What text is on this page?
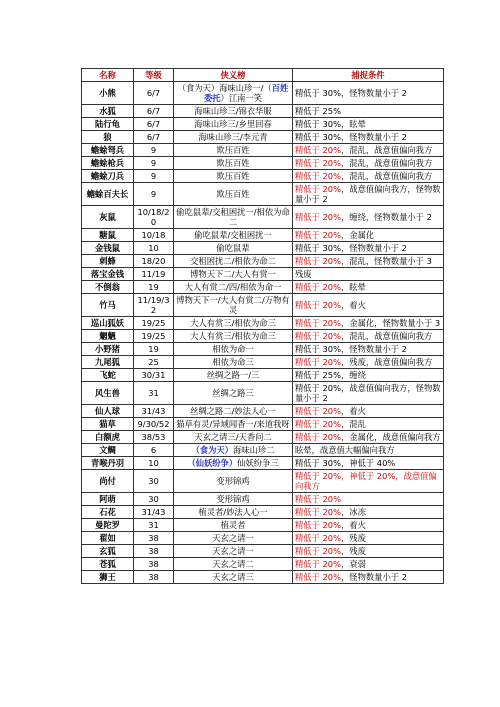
名称	等级	侠义榜	捕捉条件
小熊	6/7	（食为天）海味山珍一/（百姓委托）江南一笑	精低于 30%，怪物数量小于 2
水狐	6/7	海味山珍三/锦衣华服	精低于 25%
陆行龟	6/7	海味山珍三/乡里回春	精低于 30%，眩晕
狼	6/7	海味山珍三/李元青	精低于 30%，怪物数量小于 2
蟾蜍弩兵	9	欺压百姓	精低于 20%，混乱，战意值偏向我方
蟾蜍枪兵	9	欺压百姓	精低于 20%，混乱，战意值偏向我方
蟾蜍刀兵	9	欺压百姓	精低于 20%，混乱，战意值偏向我方
蟾蜍百夫长	9	欺压百姓	精低于 20%，战意值偏向我方，怪物数量小于 2
灰鼠	10/18/20	偷吃鼠辈/交租困扰一/相依为命二	精低于 20%，缠绕，怪物数量小于 2
糖鼠	10/18	偷吃鼠辈/交租困扰一	精低于 20%，金属化
金钱鼠	10	偷吃鼠辈	精低于 30%，怪物数量小于 2
刺蜂	18/20	交租困扰二/相依为命二	精低于 20%，混乱，怪物数量小于 3
落宝金钱	11/19	博物天下二/大人有赏一	残废
不倒翁	19	大人有赏二/四/相依为命一	精低于 20%，眩晕
竹马	11/19/32	博物天下一/大人有赏二/万物有灵	精低于 20%，着火
巡山狐妖	19/25	大人有赏三/相依为命三	精低于 20%，金属化，怪物数量小于 3
魍魉	19/25	大人有赏三/相依为命三	精低于 20%，混乱，战意值偏向我方
小野猪	19	相依为命一	精低于 30%，怪物数量小于 2
九尾狐	25	相依为命三	精低于 20%，残废，战意值偏向我方
飞蛇	30/31	丝绸之路一/三	精低于 25%，缠绕
风生兽	31	丝绸之路三	精低于 20%，战意值偏向我方，怪物数量小于 2
仙人球	31/43	丝绸之路二/妙法人心一	精低于 20%，着火
猫草	9/30/52	猫草有灵/异域闻香一/来道我呀	精低于 20%，混乱
白额虎	38/53	天玄之请三/天香问二	精低于 20%，金属化，战意值偏向我方
文鲷	6	（食为天）海味山珍二	眩晕，战意值大幅偏向我方
青喉丹羽	10	（仙妖纷争）仙妖纷争三	精低于 30%，神低于 40%
尚付	30	变形锦鸡	精低于 20%，神低于 20%，战意值偏向我方
阿萌	30	变形锦鸡	精低于 20%
石花	31/43	植灵者/妙法人心一	精低于 20%，冰冻
曼陀罗	31	植灵者	精低于 20%，着火
翟如	38	天玄之请一	精低于 20%，残废
玄狐	38	天玄之请一	精低于 20%，残废
苍狐	38	天玄之请二	精低于 20%，衰弱
狮王	38	天玄之请三	精低于 20%，怪物数量小于 2
